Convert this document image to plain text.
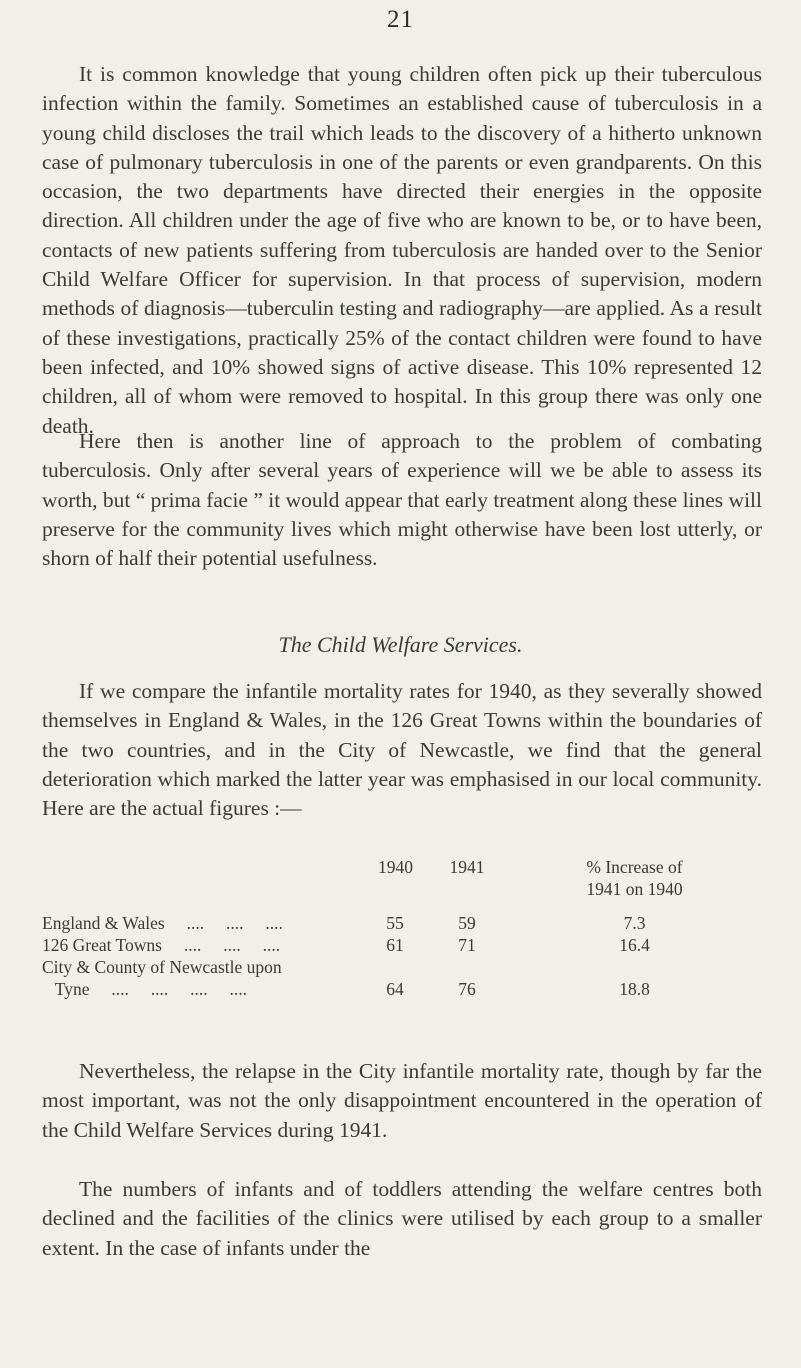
21

It is common knowledge that young children often pick up their tuberculous infection within the family. Sometimes an established cause of tuberculosis in a young child discloses the trail which leads to the discovery of a hitherto unknown case of pulmonary tuberculosis in one of the parents or even grandparents. On this occasion, the two departments have directed their energies in the opposite direction. All children under the age of five who are known to be, or to have been, contacts of new patients suffering from tuberculosis are handed over to the Senior Child Welfare Officer for supervision. In that process of supervision, modern methods of diagnosis—tuberculin testing and radiography—are applied. As a result of these investigations, practically 25% of the contact children were found to have been infected, and 10% showed signs of active disease. This 10% represented 12 children, all of whom were removed to hospital. In this group there was only one death.

Here then is another line of approach to the problem of combating tuberculosis. Only after several years of experience will we be able to assess its worth, but “ prima facie ” it would appear that early treatment along these lines will preserve for the community lives which might otherwise have been lost utterly, or shorn of half their potential usefulness.

The Child Welfare Services.

If we compare the infantile mortality rates for 1940, as they severally showed themselves in England & Wales, in the 126 Great Towns within the boundaries of the two countries, and in the City of Newcastle, we find that the general deterioration which marked the latter year was emphasised in our local community. Here are the actual figures :—

1940 1941	% Increase of
1941 on 1940
England & Wales     ....     ....     ....	55	59	7.3
126 Great Towns     ....     ....     ....	61	71	16.4
City & County of Newcastle upon
Tyne     ....     ....     ....     ....	64	76	18.8

Nevertheless, the relapse in the City infantile mortality rate, though by far the most important, was not the only disappointment encountered in the operation of the Child Welfare Services during 1941.

The numbers of infants and of toddlers attending the welfare centres both declined and the facilities of the clinics were utilised by each group to a smaller extent. In the case of infants under the
